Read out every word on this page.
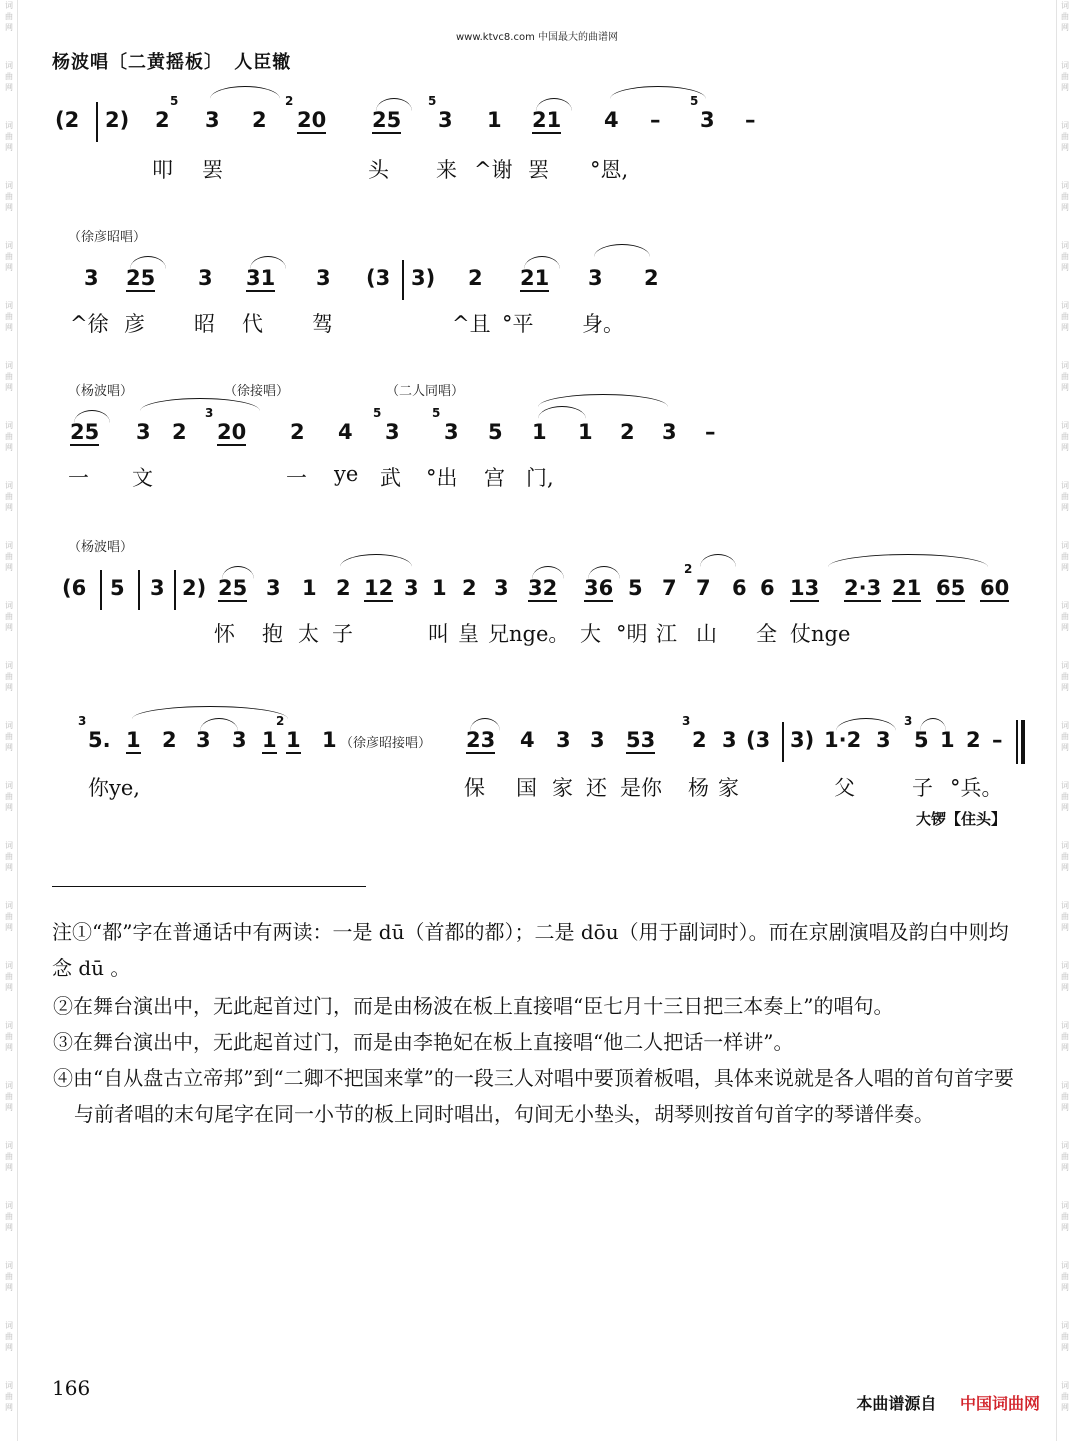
词
曲
网
词
曲
网
词
曲
网
词
曲
网
词
曲
网
词
曲
网
词
曲
网
词
曲
网
词
曲
网
词
曲
网
词
曲
网
词
曲
网
词
曲
网
词
曲
网
词
曲
网
词
曲
网
词
曲
网
词
曲
网
词
曲
网
词
曲
网
词
曲
网
词
曲
网
词
曲
网
词
曲
网
词
曲
网
词
曲
网
词
曲
网
词
曲
网
词
曲
网
词
曲
网
词
曲
网
词
曲
网
词
曲
网
词
曲
网
词
曲
网
词
曲
网
词
曲
网
词
曲
网
词
曲
网
词
曲
网
词
曲
网
词
曲
网
词
曲
网
词
曲
网
词
曲
网
词
曲
网
词
曲
网
词
曲
网
www.ktvc8.com 中国最大的曲谱网
杨波唱〔二黄摇板〕 人臣辙
(2 2) 2
5
3 2
2
20 25
5
3 1 21 4 –
5
3 –
叩 罢	头 来 ^谢 罢 °恩,
（徐彦昭唱）
3 25 3 31 3 (3 3) 2 21 3 2
^徐 彦 昭 代 驾	^且 °平 身。
（杨波唱）	（徐接唱）	（二人同唱）
25 3 2
3
20 2 4
5
3
5
3 5 1 1 2 3 –
一 文	一 ye 武 °出 宫 门,
（杨波唱）
(6 5 3 2) 25 3 1 2 12 3 1 2 3 32 36 5 7
2
7 6 6 13 2·3 21 65 60
怀 抱 太 子	叫 皇 兄nge。 大 °明 江 山 全 仗nge
3
5. 1 2 3 3
2
1 1 1 （徐彦昭接唱） 23 4 3 3 53
3
2 3 (3 3) 1·2 3
3
5 1 2 –
你ye,	保 国 家 还 是你 杨 家	父	子 °兵。
大锣【住头】

注①“都”字在普通话中有两读：一是 dū（首都的都）；二是 dōu（用于副词时）。而在京剧演唱及韵白中则均念 dū 。

②在舞台演出中，无此起首过门，而是由杨波在板上直接唱“臣七月十三日把三本奏上”的唱句。

③在舞台演出中，无此起首过门，而是由李艳妃在板上直接唱“他二人把话一样讲”。

④由“自从盘古立帝邦”到“二卿不把国来掌”的一段三人对唱中要顶着板唱，具体来说就是各人唱的首句首字要与前者唱的末句尾字在同一小节的板上同时唱出，句间无小垫头，胡琴则按首句首字的琴谱伴奏。

166
本曲谱源自 中国词曲网
